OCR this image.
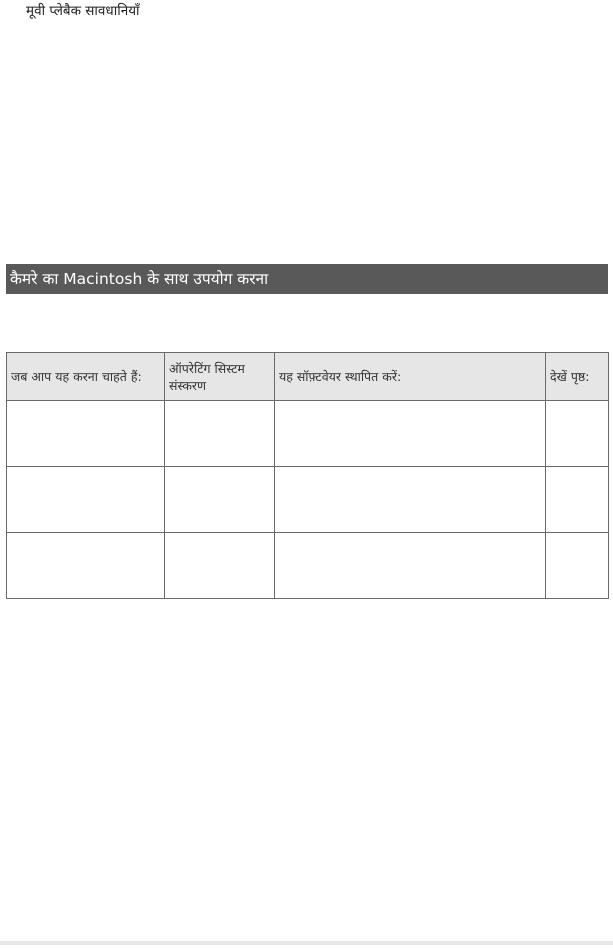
मूवी प्लेबैक सावधानियाँ
कैमरे का Macintosh के साथ उपयोग करना
जब आप यह करना चाहते हैं:	ऑपरेटिंग सिस्टम संस्करण	यह सॉफ़्टवेयर स्थापित करें:	देखें पृष्ठ:
